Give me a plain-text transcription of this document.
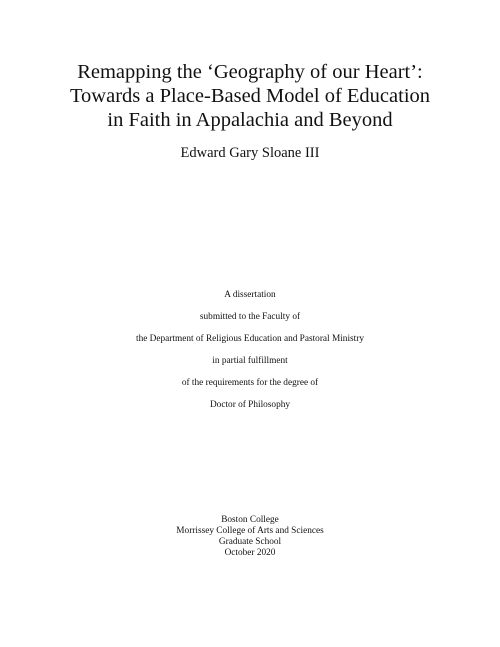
Remapping the ‘Geography of our Heart’:
Towards a Place-Based Model of Education
in Faith in Appalachia and Beyond
Edward Gary Sloane III
A dissertation
submitted to the Faculty of
the Department of Religious Education and Pastoral Ministry
in partial fulfillment
of the requirements for the degree of
Doctor of Philosophy
Boston College
Morrissey College of Arts and Sciences
Graduate School
October 2020
